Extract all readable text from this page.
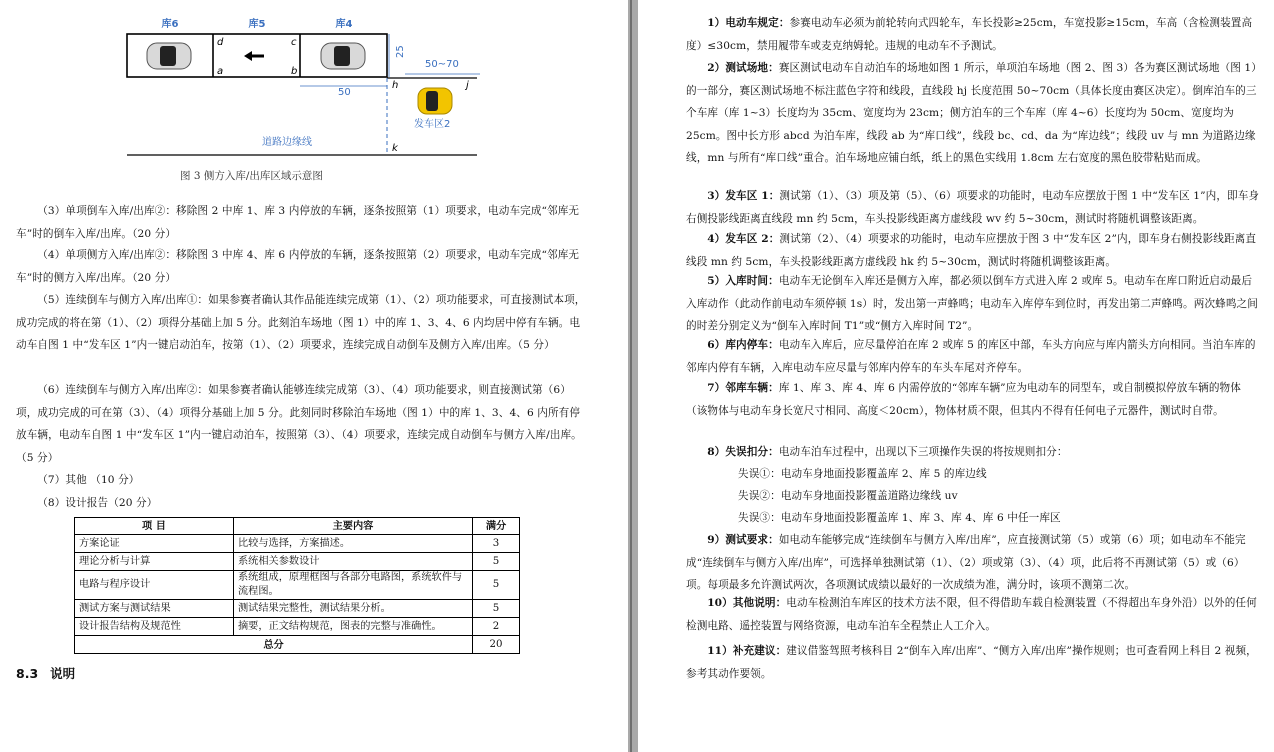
库6	库5	库4
d	c
a	b
25
50~70
h	j
50
k
发车区2
道路边缘线
图 3 侧方入库/出库区域示意图
（3）单项倒车入库/出库②：移除图 2 中库 1、库 3 内停放的车辆，逐条按照第（1）项要求，电动车完成“邻库无车”时的倒车入库/出库。（20 分）
（4）单项侧方入库/出库②：移除图 3 中库 4、库 6 内停放的车辆，逐条按照第（2）项要求，电动车完成“邻库无车”时的侧方入库/出库。（20 分）
（5）连续倒车与侧方入库/出库①：如果参赛者确认其作品能连续完成第（1）、（2）项功能要求，可直接测试本项，成功完成的将在第（1）、（2）项得分基础上加 5 分。此刻泊车场地（图 1）中的库 1、3、4、6 内均居中停有车辆。电动车自图 1 中“发车区 1”内一键启动泊车，按第（1）、（2）项要求，连续完成自动倒车及侧方入库/出库。（5 分）
（6）连续倒车与侧方入库/出库②：如果参赛者确认能够连续完成第（3）、（4）项功能要求，则直接测试第（6）项，成功完成的可在第（3）、（4）项得分基础上加 5 分。此刻同时移除泊车场地（图 1）中的库 1、3、4、6 内所有停放车辆，电动车自图 1 中“发车区 1”内一键启动泊车，按照第（3）、（4）项要求，连续完成自动倒车与侧方入库/出库。（5 分）
（7）其他 （10 分）
（8）设计报告（20 分）
项 目	主要内容	满分
方案论证	比较与选择，方案描述。	3
理论分析与计算	系统相关参数设计	5
电路与程序设计	系统组成，原理框图与各部分电路图，系统软件与流程图。	5
测试方案与测试结果	测试结果完整性，测试结果分析。	5
设计报告结构及规范性	摘要，正文结构规范，图表的完整与准确性。	2
总分		20
8.3 说明
1）电动车规定：参赛电动车必须为前轮转向式四轮车，车长投影≥25cm，车宽投影≥15cm，车高（含检测装置高度）≤30cm，禁用履带车或麦克纳姆轮。违规的电动车不予测试。
2）测试场地：赛区测试电动车自动泊车的场地如图 1 所示，单项泊车场地（图 2、图 3）各为赛区测试场地（图 1）的一部分，赛区测试场地不标注蓝色字符和线段，直线段 hj 长度范围 50~70cm（具体长度由赛区决定）。倒库泊车的三个车库（库 1~3）长度均为 35cm、宽度均为 23cm；侧方泊车的三个车库（库 4~6）长度均为 50cm、宽度均为 25cm。图中长方形 abcd 为泊车库，线段 ab 为“库口线”，线段 bc、cd、da 为“库边线”；线段 uv 与 mn 为道路边缘线，mn 与所有“库口线”重合。泊车场地应铺白纸，纸上的黑色实线用 1.8cm 左右宽度的黑色胶带粘贴而成。
3）发车区 1：测试第（1）、（3）项及第（5）、（6）项要求的功能时，电动车应摆放于图 1 中“发车区 1”内，即车身右侧投影线距离直线段 mn 约 5cm，车头投影线距离方虚线段 wv 约 5~30cm，测试时将随机调整该距离。
4）发车区 2：测试第（2）、（4）项要求的功能时，电动车应摆放于图 3 中“发车区 2”内，即车身右侧投影线距离直线段 mn 约 5cm，车头投影线距离方虚线段 hk 约 5~30cm，测试时将随机调整该距离。
5）入库时间：电动车无论倒车入库还是侧方入库，都必须以倒车方式进入库 2 或库 5。电动车在库口附近启动最后入库动作（此动作前电动车须停顿 1s）时，发出第一声蜂鸣；电动车入库停车到位时，再发出第二声蜂鸣。两次蜂鸣之间的时差分别定义为“倒车入库时间 T1”或“侧方入库时间 T2”。
6）库内停车：电动车入库后，应尽量停泊在库 2 或库 5 的库区中部，车头方向应与库内箭头方向相同。当泊车库的邻库内停有车辆，入库电动车应尽量与邻库内停车的车头车尾对齐停车。
7）邻库车辆：库 1、库 3、库 4、库 6 内需停放的“邻库车辆”应为电动车的同型车，或自制模拟停放车辆的物体（该物体与电动车身长宽尺寸相同、高度＜20cm），物体材质不限，但其内不得有任何电子元器件，测试时自带。
8）失误扣分：电动车泊车过程中，出现以下三项操作失误的将按规则扣分：
失误①：电动车身地面投影覆盖库 2、库 5 的库边线
失误②：电动车身地面投影覆盖道路边缘线 uv
失误③：电动车身地面投影覆盖库 1、库 3、库 4、库 6 中任一库区
9）测试要求：如电动车能够完成“连续倒车与侧方入库/出库”，应直接测试第（5）或第（6）项；如电动车不能完成“连续倒车与侧方入库/出库”，可选择单独测试第（1）、（2）项或第（3）、（4）项，此后将不再测试第（5）或（6）项。每项最多允许测试两次，各项测试成绩以最好的一次成绩为准，满分时，该项不测第二次。
10）其他说明：电动车检测泊车库区的技术方法不限，但不得借助车载自检测装置（不得超出车身外沿）以外的任何检测电路、遥控装置与网络资源，电动车泊车全程禁止人工介入。
11）补充建议：建议借鉴驾照考核科目 2“倒车入库/出库”、“侧方入库/出库”操作规则；也可查看网上科目 2 视频，参考其动作要领。
